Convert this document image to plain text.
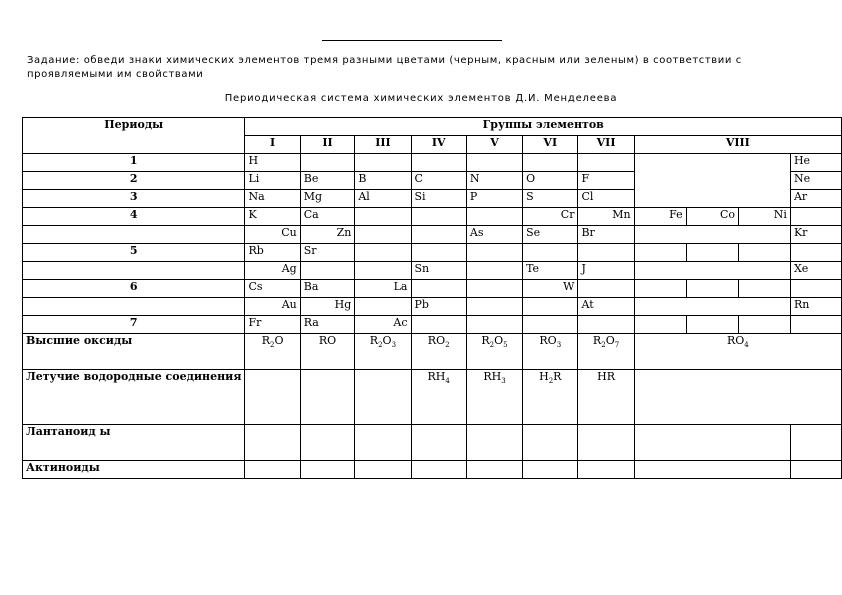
Задание: обведи знаки химических элементов тремя разными цветами (черным, красным или зеленым) в соответствии с проявляемыми им свойствами
Периодическая система химических элементов Д.И. Менделеева
Периоды	Группы элементов										
	I	II	III	IV	V	VI	VII	VIII			
1	H										He
2	Li	Be	B	C	N	O	F				Ne
3	Na	Mg	Al	Si	P	S	Cl				Ar
4	K	Ca				Cr	Mn	Fe	Co	Ni	
	Cu	Zn			As	Se	Br				Kr
5	Rb	Sr									
	Ag			Sn		Te	J				Xe
6	Cs	Ba	La			W					
	Au	Hg		Pb			At				Rn
7	Fr	Ra	Ac								
Высшие оксиды	$R_2O$	RO	$R_2O_3$	$RO_2$	$R_2O_5$	$RO_3$	$R_2O_7$	$RO_4$
Летучие водородные соединения				$RH_4$	$RH_3$	$H_2R$	HR				
Лантаноид ы											
Актиноиды											
